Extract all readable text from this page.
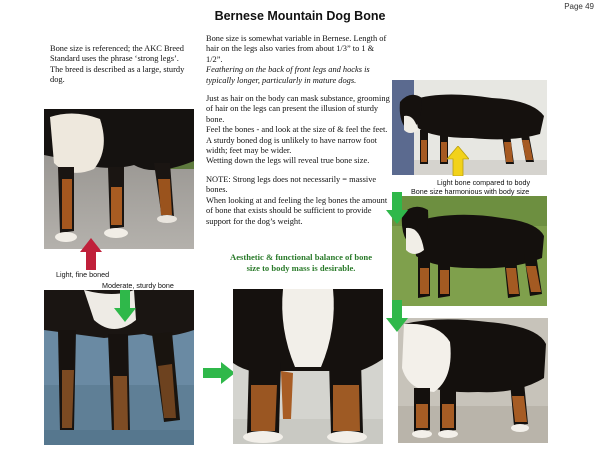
Page 49
Bernese Mountain Dog Bone

Bone size is referenced; the AKC Breed Standard uses the phrase ‘strong legs’.

The breed is described as a large, sturdy dog.

Bone size is somewhat variable in Bernese. Length of hair on the legs also varies from about 1/3” to 1 & 1/2”.

Feathering on the back of front legs and hocks is typically longer, particularly in mature dogs.

Just as hair on the body can mask substance, grooming of hair on the legs can present the illusion of sturdy bone.

Feel the bones - and look at the size of & feel the feet. A sturdy boned dog is unlikely to have narrow foot width; feet may be wider.

Wetting down the legs will reveal true bone size.

NOTE: Strong legs does not necessarily = massive bones.

When looking at and feeling the leg bones the amount of bone that exists should be sufficient to provide support for the dog’s weight.

Aesthetic & functional balance of bone size to body mass is desirable.
Light, fine boned
Moderate, sturdy bone
Light bone compared to body
Bone size harmonious with body size
